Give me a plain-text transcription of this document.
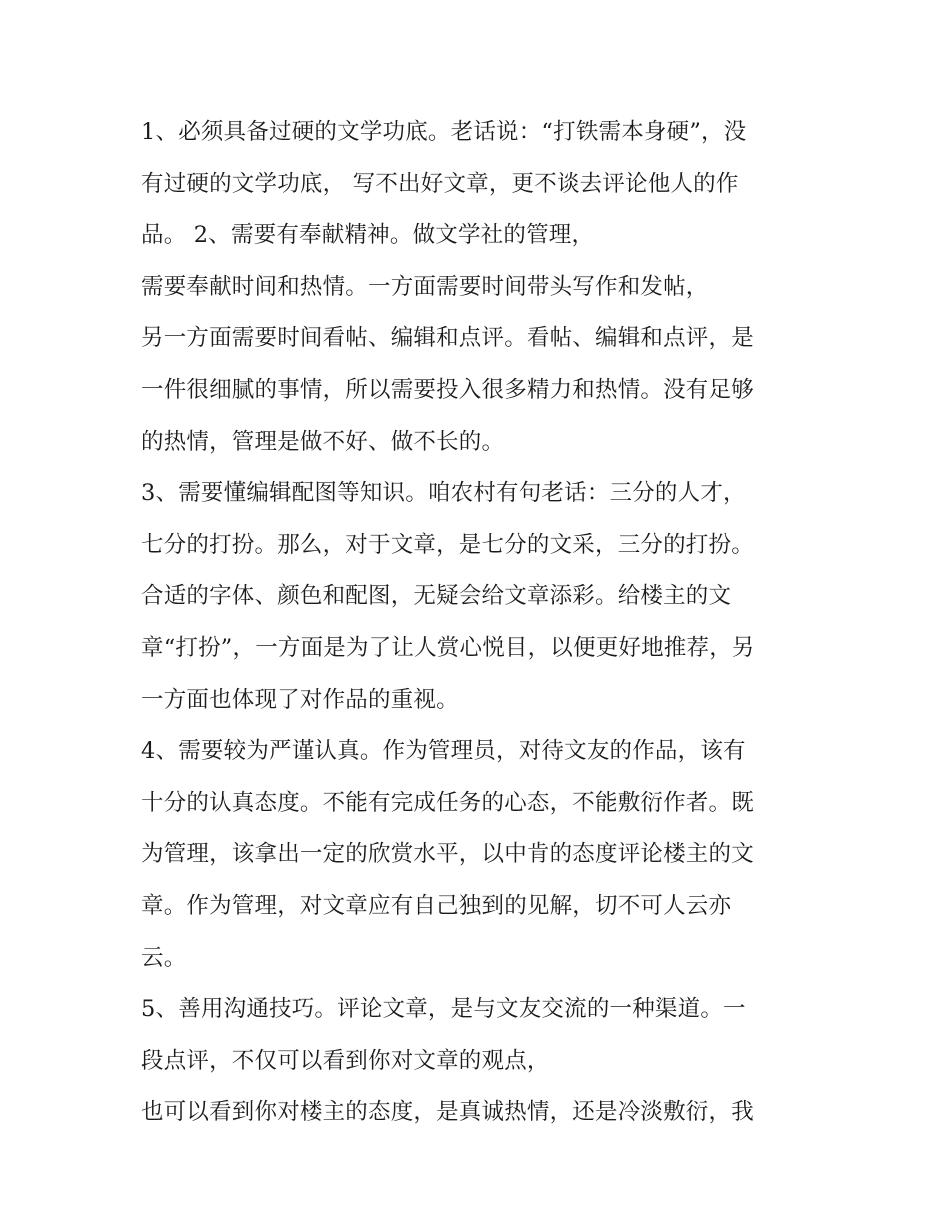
1、必须具备过硬的文学功底。老话说：“打铁需本身硬”，没
有过硬的文学功底， 写不出好文章，更不谈去评论他人的作
品。 2、需要有奉献精神。做文学社的管理，
需要奉献时间和热情。一方面需要时间带头写作和发帖，
另一方面需要时间看帖、编辑和点评。看帖、编辑和点评，是
一件很细腻的事情，所以需要投入很多精力和热情。没有足够
的热情，管理是做不好、做不长的。
3、需要懂编辑配图等知识。咱农村有句老话：三分的人才，
七分的打扮。那么，对于文章，是七分的文采，三分的打扮。
合适的字体、颜色和配图，无疑会给文章添彩。给楼主的文
章“打扮”，一方面是为了让人赏心悦目，以便更好地推荐，另
一方面也体现了对作品的重视。
4、需要较为严谨认真。作为管理员，对待文友的作品，该有
十分的认真态度。不能有完成任务的心态，不能敷衍作者。既
为管理，该拿出一定的欣赏水平，以中肯的态度评论楼主的文
章。作为管理，对文章应有自己独到的见解，切不可人云亦
云。
5、善用沟通技巧。评论文章，是与文友交流的一种渠道。一
段点评，不仅可以看到你对文章的观点，
也可以看到你对楼主的态度，是真诚热情，还是冷淡敷衍，我
